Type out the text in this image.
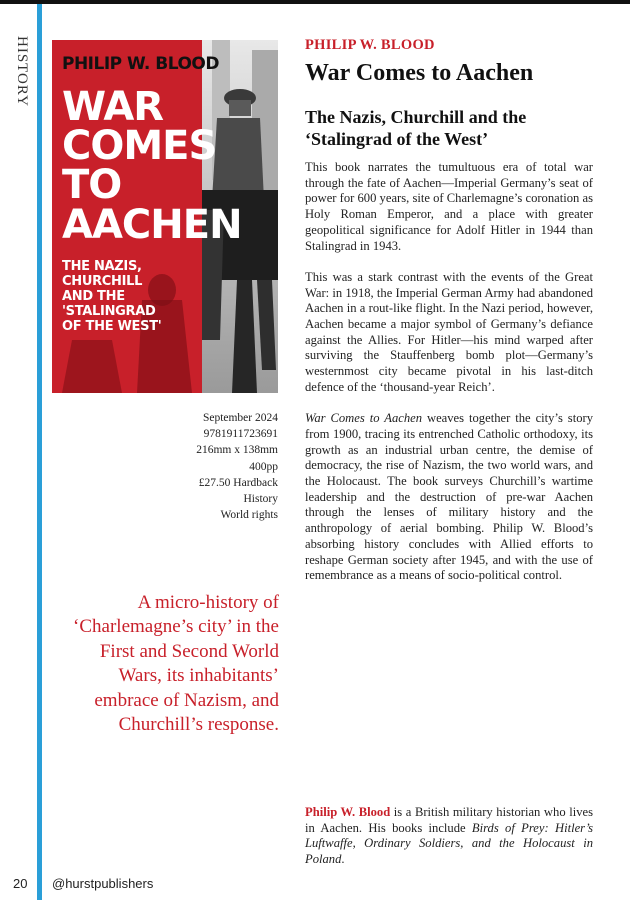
HISTORY PHILIP W. BLOOD
WAR
COMES
TO
AACHEN
THE NAZIS, CHURCHILL
AND THE 'STALINGRAD
OF THE WEST'
September 2024
9781911723691
216mm x 138mm
400pp
£27.50 Hardback
History
World rights
A micro-history of ‘Charlemagne’s city’ in the First and Second World Wars, its inhabitants’ embrace of Nazism, and Churchill’s response.
PHILIP W. BLOOD
War Comes to Aachen
The Nazis, Churchill and the ‘Stalingrad of the West’

This book narrates the tumultuous era of total war through the fate of Aachen—Imperial Germany’s seat of power for 600 years, site of Charlemagne’s coronation as Holy Roman Emperor, and a place with greater geopolitical significance for Adolf Hitler in 1944 than Stalingrad in 1943.

This was a stark contrast with the events of the Great War: in 1918, the Imperial German Army had abandoned Aachen in a rout-like flight. In the Nazi period, however, Aachen became a major symbol of Germany’s defiance against the Allies. For Hitler—his mind warped after surviving the Stauffenberg bomb plot—Germany’s westernmost city became pivotal in his last-ditch defence of the ‘thousand-year Reich’.

War Comes to Aachen weaves together the city’s story from 1900, tracing its entrenched Catholic orthodoxy, its growth as an industrial urban centre, the demise of democracy, the rise of Nazism, the two world wars, and the Holocaust. The book surveys Churchill’s wartime leadership and the destruction of pre-war Aachen through the lenses of military history and the anthropology of aerial bombing. Philip W. Blood’s absorbing history concludes with Allied efforts to reshape German society after 1945, and with the use of remembrance as a means of socio-political control.

Philip W. Blood is a British military historian who lives in Aachen. His books include Birds of Prey: Hitler’s Luftwaffe, Ordinary Soldiers, and the Holocaust in Poland.

20 @hurstpublishers
